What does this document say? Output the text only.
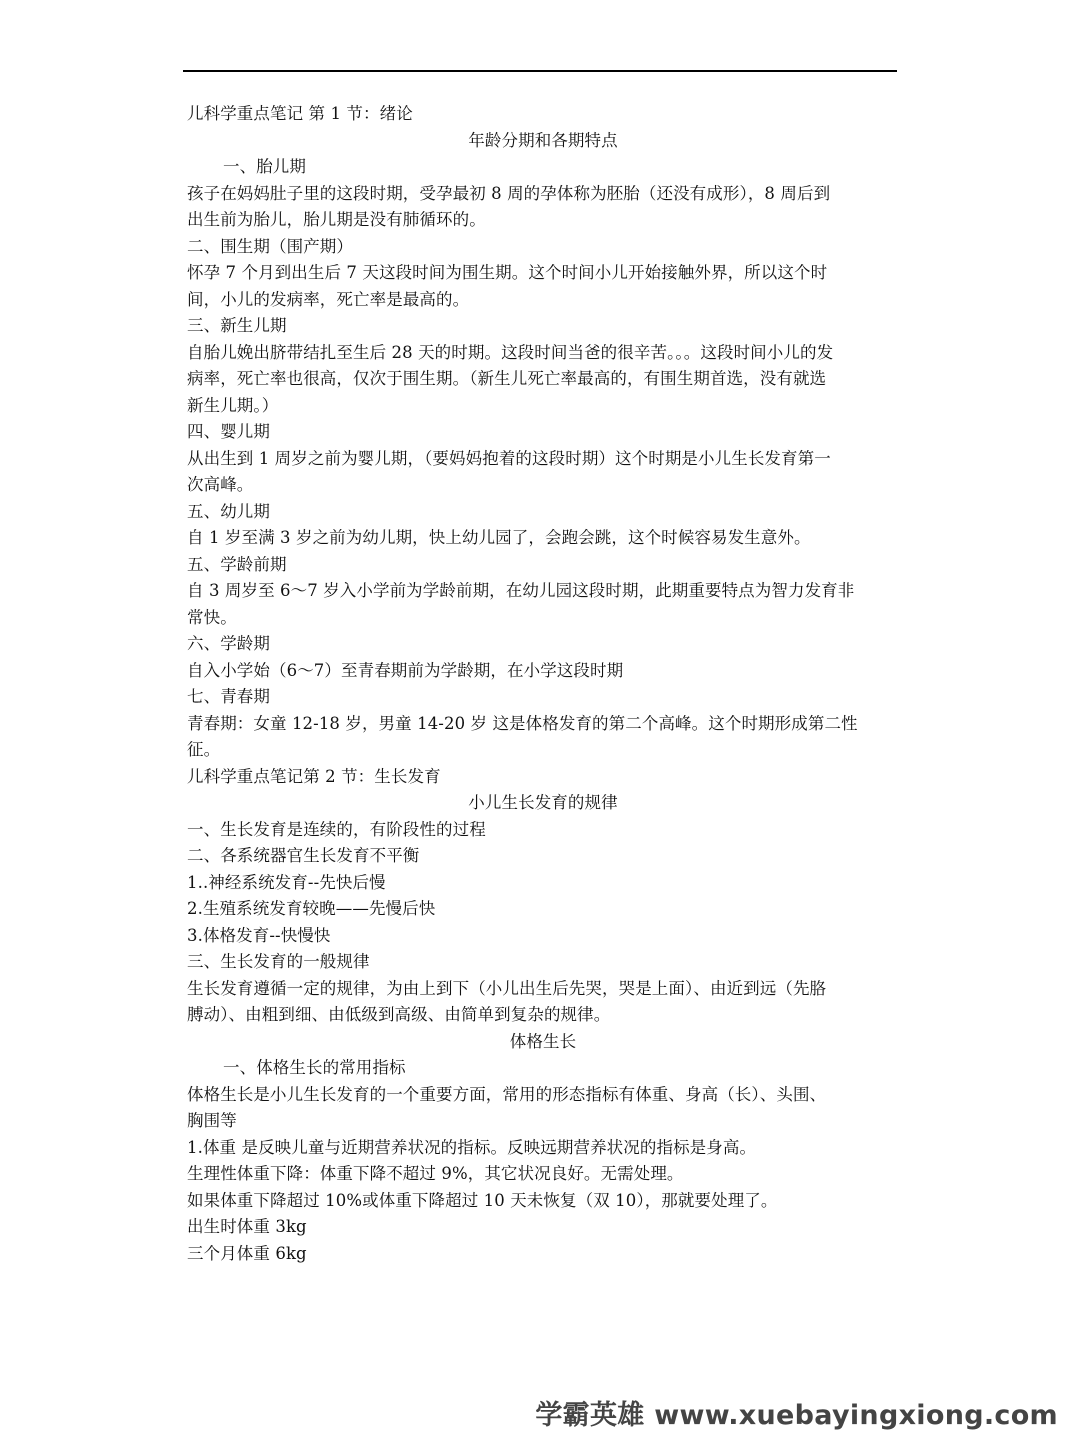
儿科学重点笔记 第 1 节：绪论
年龄分期和各期特点
一、胎儿期
孩子在妈妈肚子里的这段时期，受孕最初 8 周的孕体称为胚胎（还没有成形），8 周后到
出生前为胎儿，胎儿期是没有肺循环的。
二、围生期（围产期）
怀孕 7 个月到出生后 7 天这段时间为围生期。这个时间小儿开始接触外界，所以这个时
间，小儿的发病率，死亡率是最高的。
三、新生儿期
自胎儿娩出脐带结扎至生后 28 天的时期。这段时间当爸的很辛苦。。。这段时间小儿的发
病率，死亡率也很高，仅次于围生期。（新生儿死亡率最高的，有围生期首选，没有就选
新生儿期。）
四、婴儿期
从出生到 1 周岁之前为婴儿期，（要妈妈抱着的这段时期）这个时期是小儿生长发育第一
次高峰。
五、幼儿期
自 1 岁至满 3 岁之前为幼儿期，快上幼儿园了，会跑会跳，这个时候容易发生意外。
五、学龄前期
自 3 周岁至 6～7 岁入小学前为学龄前期，在幼儿园这段时期，此期重要特点为智力发育非
常快。
六、学龄期
自入小学始（6～7）至青春期前为学龄期，在小学这段时期
七、青春期
青春期：女童 12-18 岁，男童 14-20 岁 这是体格发育的第二个高峰。这个时期形成第二性
征。
儿科学重点笔记第 2 节：生长发育
小儿生长发育的规律
一、生长发育是连续的，有阶段性的过程
二、各系统器官生长发育不平衡
1..神经系统发育--先快后慢
2.生殖系统发育较晚——先慢后快
3.体格发育--快慢快
三、生长发育的一般规律
生长发育遵循一定的规律，为由上到下（小儿出生后先哭，哭是上面）、由近到远（先胳
膊动）、由粗到细、由低级到高级、由简单到复杂的规律。
体格生长
一、体格生长的常用指标
体格生长是小儿生长发育的一个重要方面，常用的形态指标有体重、身高（长）、头围、
胸围等
1.体重 是反映儿童与近期营养状况的指标。反映远期营养状况的指标是身高。
生理性体重下降：体重下降不超过 9%，其它状况良好。无需处理。
如果体重下降超过 10%或体重下降超过 10 天未恢复（双 10），那就要处理了。
出生时体重 3kg
三个月体重 6kg
学霸英雄 www.xuebayingxiong.com
